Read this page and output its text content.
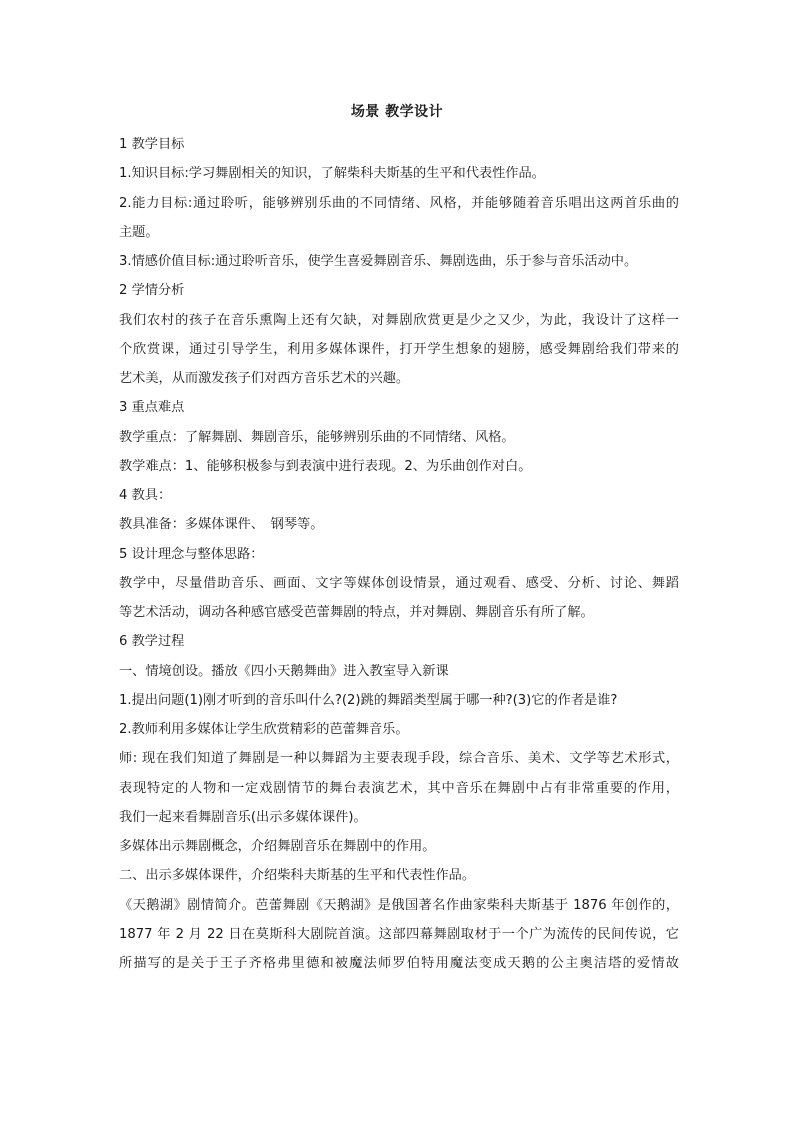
场景 教学设计
1 教学目标
1.知识目标:学习舞剧相关的知识，了解柴科夫斯基的生平和代表性作品。
2.能力目标:通过聆听，能够辨别乐曲的不同情绪、风格，并能够随着音乐唱出这两首乐曲的
主题。
3.情感价值目标:通过聆听音乐，使学生喜爱舞剧音乐、舞剧选曲，乐于参与音乐活动中。
2 学情分析
我们农村的孩子在音乐熏陶上还有欠缺，对舞剧欣赏更是少之又少，为此，我设计了这样一
个欣赏课，通过引导学生，利用多媒体课件，打开学生想象的翅膀，感受舞剧给我们带来的
艺术美，从而激发孩子们对西方音乐艺术的兴趣。
3 重点难点
教学重点：了解舞剧、舞剧音乐，能够辨别乐曲的不同情绪、风格。
教学难点：1、能够积极参与到表演中进行表现。2、为乐曲创作对白。
4 教具：
教具准备：多媒体课件、　钢琴等。
5 设计理念与整体思路：
教学中，尽量借助音乐、画面、文字等媒体创设情景，通过观看、感受、分析、讨论、舞蹈
等艺术活动，调动各种感官感受芭蕾舞剧的特点，并对舞剧、舞剧音乐有所了解。
6 教学过程
一、情境创设。播放《四小天鹅舞曲》进入教室导入新课
1.提出问题(1)刚才听到的音乐叫什么?(2)跳的舞蹈类型属于哪一种?(3)它的作者是谁?
2.教师利用多媒体让学生欣赏精彩的芭蕾舞音乐。
师: 现在我们知道了舞剧是一种以舞蹈为主要表现手段，综合音乐、美术、文学等艺术形式，
表现特定的人物和一定戏剧情节的舞台表演艺术，其中音乐在舞剧中占有非常重要的作用，
我们一起来看舞剧音乐(出示多媒体课件)。
多媒体出示舞剧概念，介绍舞剧音乐在舞剧中的作用。
二、出示多媒体课件，介绍柴科夫斯基的生平和代表性作品。
《天鹅湖》剧情简介。芭蕾舞剧《天鹅湖》是俄国著名作曲家柴科夫斯基于 1876 年创作的，
1877 年 2 月 22 日在莫斯科大剧院首演。这部四幕舞剧取材于一个广为流传的民间传说，它
所描写的是关于王子齐格弗里德和被魔法师罗伯特用魔法变成天鹅的公主奥洁塔的爱情故
